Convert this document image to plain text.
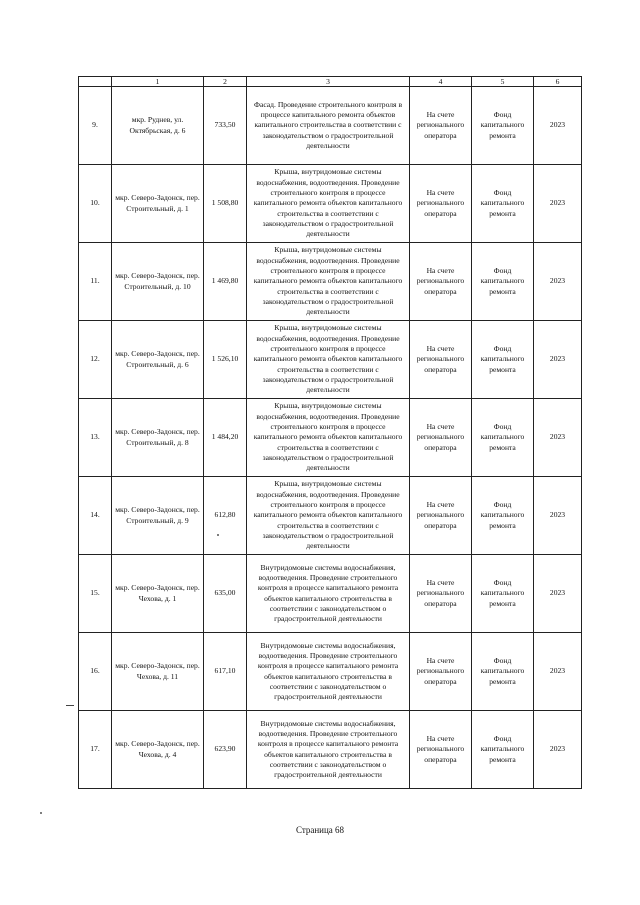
	1	2	3	4	5	6
9.	мкр. Руднев, ул. Октябрьская, д. 6	733,50	Фасад. Проведение строительного контроля в процессе капитального ремонта объектов капитального строительства в соответствии с законодательством о градостроительной деятельности	На счете регионального оператора	Фонд капитального ремонта	2023
10.	мкр. Северо-Задонск, пер. Строительный, д. 1	1 508,80	Крыша, внутридомовые системы водоснабжения, водоотведения. Проведение строительного контроля в процессе капитального ремонта объектов капитального строительства в соответствии с законодательством о градостроительной деятельности	На счете регионального оператора	Фонд капитального ремонта	2023
11.	мкр. Северо-Задонск, пер. Строительный, д. 10	1 469,80	Крыша, внутридомовые системы водоснабжения, водоотведения. Проведение строительного контроля в процессе капитального ремонта объектов капитального строительства в соответствии с законодательством о градостроительной деятельности	На счете регионального оператора	Фонд капитального ремонта	2023
12.	мкр. Северо-Задонск, пер. Строительный, д. 6	1 526,10	Крыша, внутридомовые системы водоснабжения, водоотведения. Проведение строительного контроля в процессе капитального ремонта объектов капитального строительства в соответствии с законодательством о градостроительной деятельности	На счете регионального оператора	Фонд капитального ремонта	2023
13.	мкр. Северо-Задонск, пер. Строительный, д. 8	1 484,20	Крыша, внутридомовые системы водоснабжения, водоотведения. Проведение строительного контроля в процессе капитального ремонта объектов капитального строительства в соответствии с законодательством о градостроительной деятельности	На счете регионального оператора	Фонд капитального ремонта	2023
14.	мкр. Северо-Задонск, пер. Строительный, д. 9	612,80	Крыша, внутридомовые системы водоснабжения, водоотведения. Проведение строительного контроля в процессе капитального ремонта объектов капитального строительства в соответствии с законодательством о градостроительной деятельности	На счете регионального оператора	Фонд капитального ремонта	2023
15.	мкр. Северо-Задонск, пер. Чехова, д. 1	635,00	Внутридомовые системы водоснабжения, водоотведения. Проведение строительного контроля в процессе капитального ремонта объектов капитального строительства в соответствии с законодательством о градостроительной деятельности	На счете регионального оператора	Фонд капитального ремонта	2023
16.	мкр. Северо-Задонск, пер. Чехова, д. 11	617,10	Внутридомовые системы водоснабжения, водоотведения. Проведение строительного контроля в процессе капитального ремонта объектов капитального строительства в соответствии с законодательством о градостроительной деятельности	На счете регионального оператора	Фонд капитального ремонта	2023
17.	мкр. Северо-Задонск, пер. Чехова, д. 4	623,90	Внутридомовые системы водоснабжения, водоотведения. Проведение строительного контроля в процессе капитального ремонта объектов капитального строительства в соответствии с законодательством о градостроительной деятельности	На счете регионального оператора	Фонд капитального ремонта	2023
Страница 68
